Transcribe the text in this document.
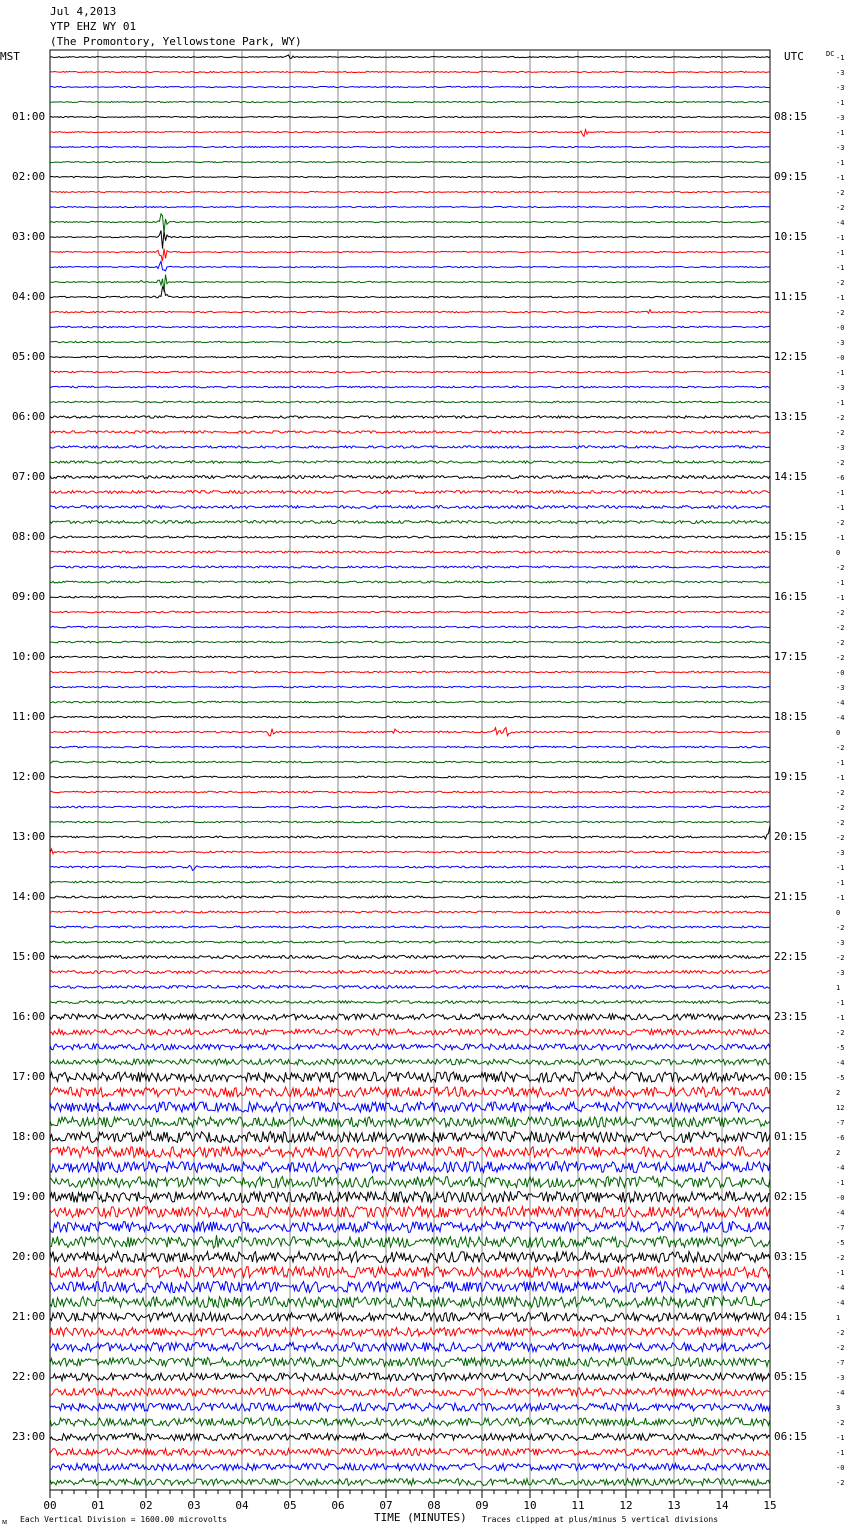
Jul 4,2013
YTP EHZ WY 01
(The Promontory, Yellowstone Park, WY)
MST	UTC	DC
00	01	02	03	04	05	06	07	08	09	10	11	12	13	14	15
01:00	08:15
02:00	09:15
03:00	10:15
04:00	11:15
05:00	12:15
06:00	13:15
07:00	14:15
08:00	15:15
09:00	16:15
10:00	17:15
11:00	18:15
12:00	19:15
13:00	20:15
14:00	21:15
15:00	22:15
16:00	23:15
17:00	00:15
18:00	01:15
19:00	02:15
20:00	03:15
21:00	04:15
22:00	05:15
23:00	06:15
-1
-3
-3
-1
-3
-1
-3
-1
-1
-2
-2
-4
-1
-1
-1
-2
-1
-2
-0
-3
-0
-1
-3
-1
-2
-2
-3
-2
-6
-1
-1
-2
-1
0
-2
-1
-1
-2
-2
-2
-2
-0
-3
-4
-4
0
-2
-1
-1
-2
-2
-2
-2
-3
-1
-1
-1
0
-2
-3
-2
-3
1
-1
-1
-2
-5
-4
-5
2
12
-7
-6
2
-4
-1
-0
-4
-7
-5
-2
-1
-4
-4
1
-2
-2
-7
-3
-4
3
-2
-1
-1
-0
-2
ᴍ Each Vertical Division = 1600.00 microvolts	TIME (MINUTES) Traces clipped at plus/minus 5 vertical divisions
